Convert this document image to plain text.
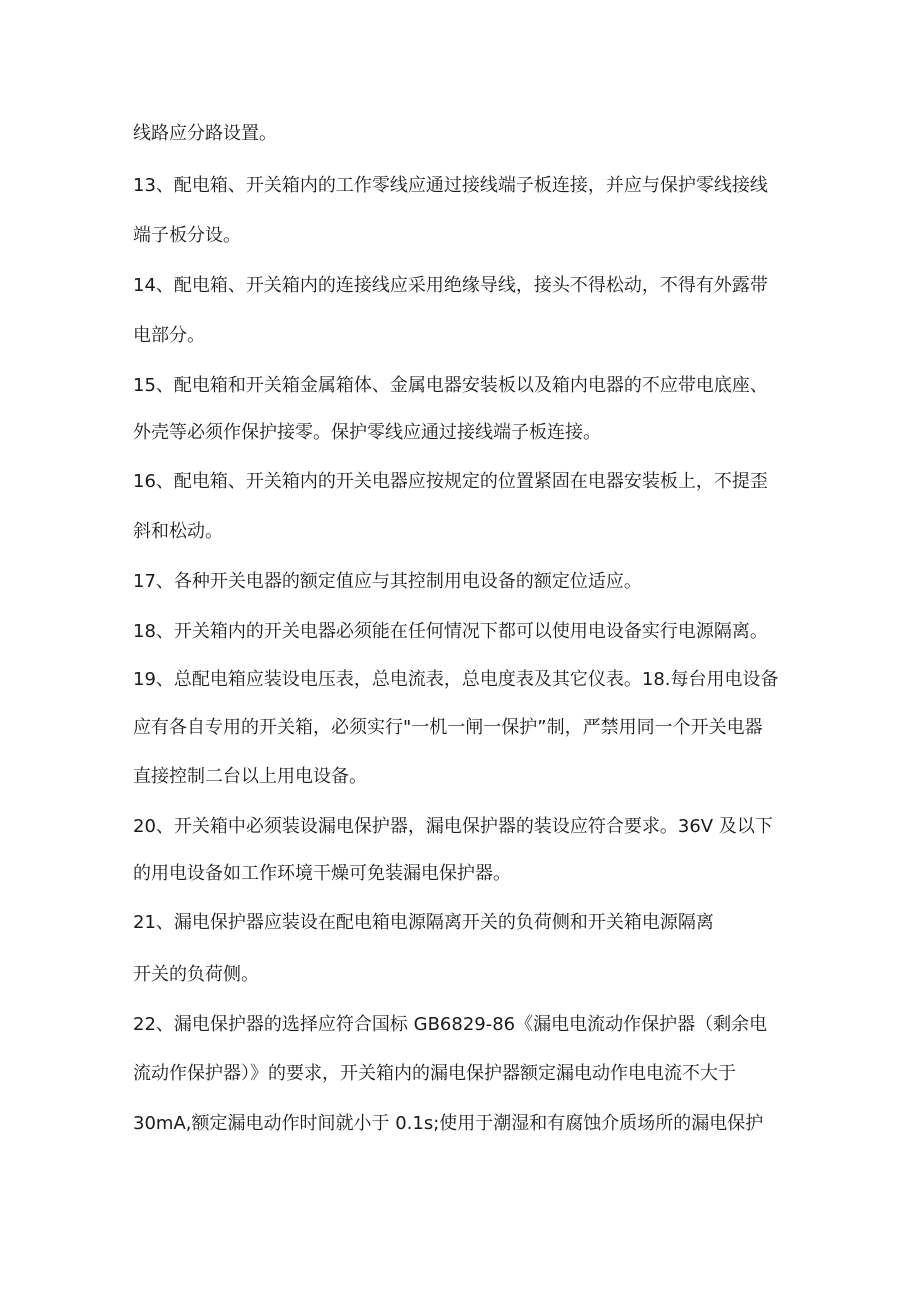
线路应分路设置。

13、配电箱、开关箱内的工作零线应通过接线端子板连接，并应与保护零线接线

端子板分设。

14、配电箱、开关箱内的连接线应采用绝缘导线，接头不得松动，不得有外露带

电部分。

15、配电箱和开关箱金属箱体、金属电器安装板以及箱内电器的不应带电底座、

外壳等必须作保护接零。保护零线应通过接线端子板连接。

16、配电箱、开关箱内的开关电器应按规定的位置紧固在电器安装板上，不提歪

斜和松动。

17、各种开关电器的额定值应与其控制用电设备的额定位适应。

18、开关箱内的开关电器必须能在任何情况下都可以使用电设备实行电源隔离。

19、总配电箱应装设电压表，总电流表，总电度表及其它仪表。18.每台用电设备

应有各自专用的开关箱，必须实行"一机一闸一保护”制，严禁用同一个开关电器

直接控制二台以上用电设备。

20、开关箱中必须装设漏电保护器，漏电保护器的装设应符合要求。36V 及以下

的用电设备如工作环境干燥可免装漏电保护器。

21、漏电保护器应装设在配电箱电源隔离开关的负荷侧和开关箱电源隔离

开关的负荷侧。

22、漏电保护器的选择应符合国标 GB6829-86《漏电电流动作保护器（剩余电

流动作保护器）》的要求，开关箱内的漏电保护器额定漏电动作电电流不大于

30mA,额定漏电动作时间就小于 0.1s;使用于潮湿和有腐蚀介质场所的漏电保护
